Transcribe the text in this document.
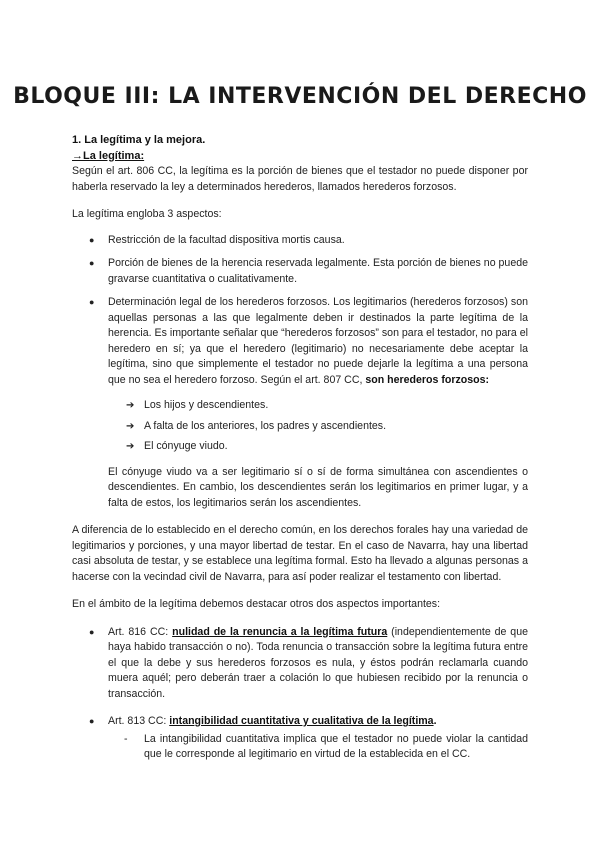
BLOQUE III: LA INTERVENCIÓN DEL DERECHO
1. La legítima y la mejora.
→La legítima:

Según el art. 806 CC, la legítima es la porción de bienes que el testador no puede disponer por haberla reservado la ley a determinados herederos, llamados herederos forzosos.

La legítima engloba 3 aspectos:

● Restricción de la facultad dispositiva mortis causa.
● Porción de bienes de la herencia reservada legalmente. Esta porción de bienes no puede gravarse cuantitativa o cualitativamente.
● Determinación legal de los herederos forzosos. Los legitimarios (herederos forzosos) son aquellas personas a las que legalmente deben ir destinados la parte legítima de la herencia. Es importante señalar que “herederos forzosos” son para el testador, no para el heredero en sí; ya que el heredero (legitimario) no necesariamente debe aceptar la legítima, sino que simplemente el testador no puede dejarle la legítima a una persona que no sea el heredero forzoso. Según el art. 807 CC, son herederos forzosos:
➔ Los hijos y descendientes.
➔ A falta de los anteriores, los padres y ascendientes.
➔ El cónyuge viudo.

El cónyuge viudo va a ser legitimario sí o sí de forma simultánea con ascendientes o descendientes. En cambio, los descendientes serán los legitimarios en primer lugar, y a falta de estos, los legitimarios serán los ascendientes.

A diferencia de lo establecido en el derecho común, en los derechos forales hay una variedad de legitimarios y porciones, y una mayor libertad de testar. En el caso de Navarra, hay una libertad casi absoluta de testar, y se establece una legítima formal. Esto ha llevado a algunas personas a hacerse con la vecindad civil de Navarra, para así poder realizar el testamento con libertad.

En el ámbito de la legítima debemos destacar otros dos aspectos importantes:

● Art. 816 CC: nulidad de la renuncia a la legítima futura (independientemente de que haya habido transacción o no). Toda renuncia o transacción sobre la legítima futura entre el que la debe y sus herederos forzosos es nula, y éstos podrán reclamarla cuando muera aquél; pero deberán traer a colación lo que hubiesen recibido por la renuncia o transacción.
● Art. 813 CC: intangibilidad cuantitativa y cualitativa de la legítima.
- La intangibilidad cuantitativa implica que el testador no puede violar la cantidad que le corresponde al legitimario en virtud de la establecida en el CC.
